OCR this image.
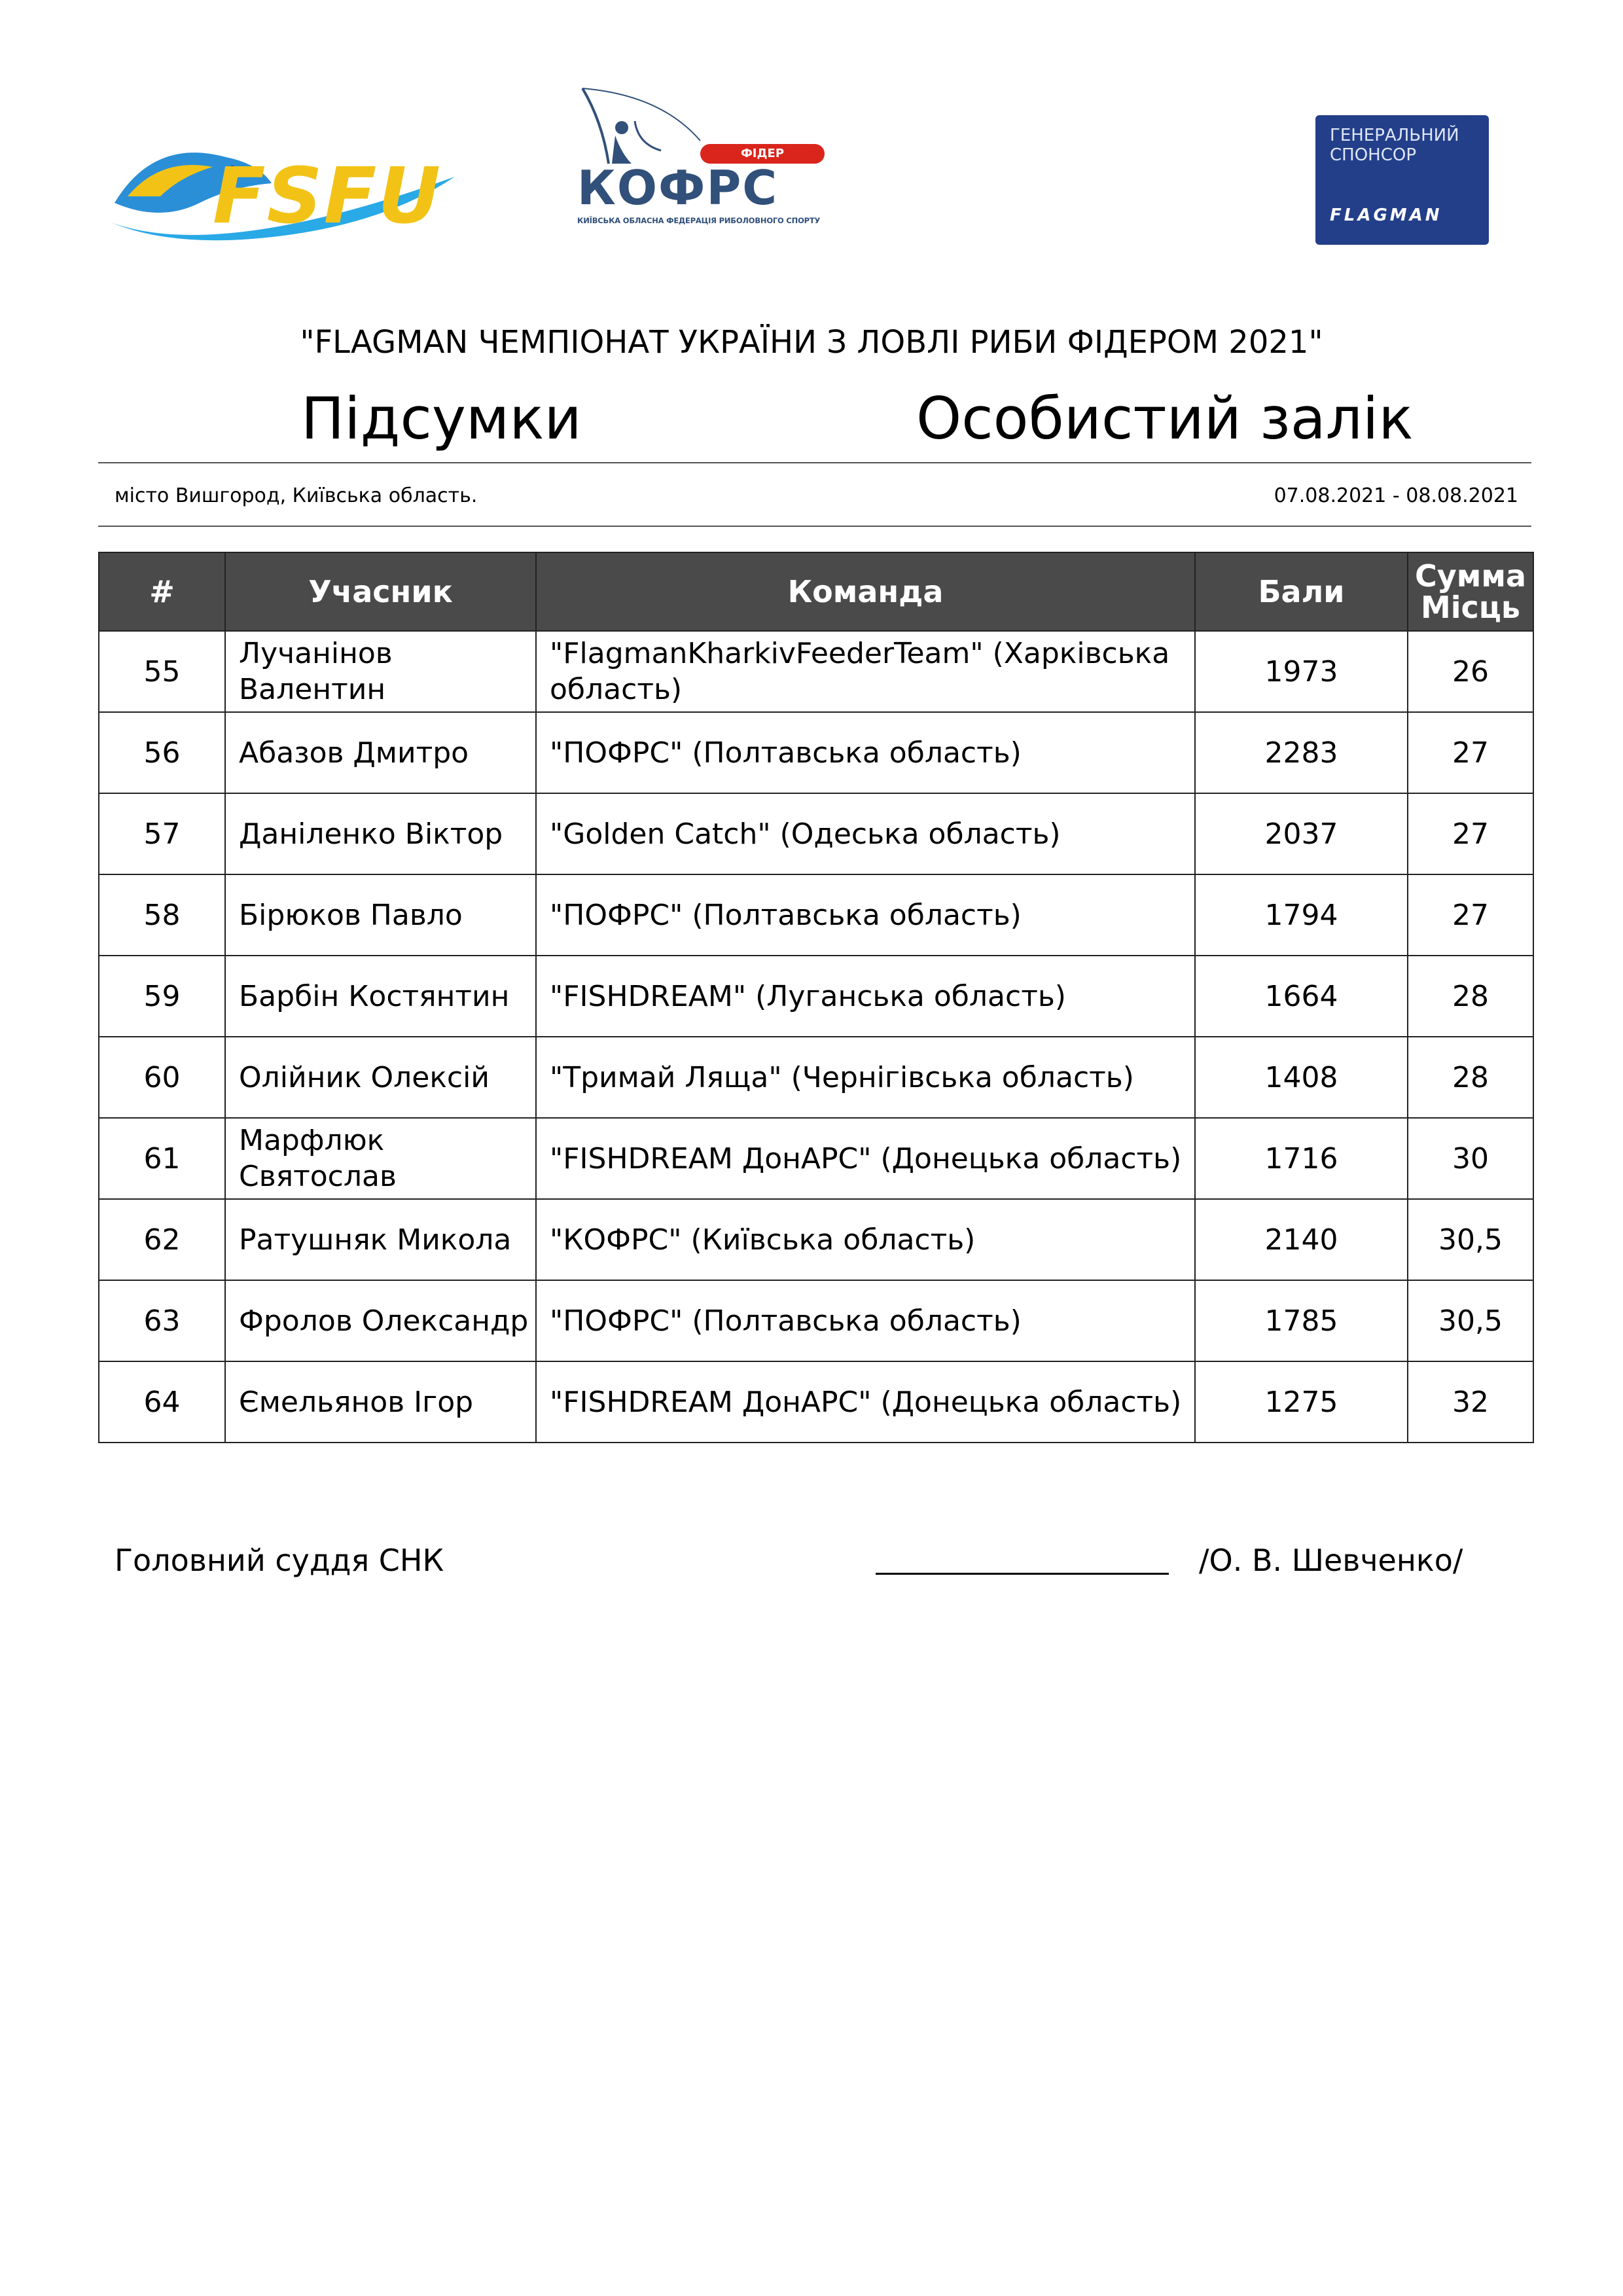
FSFU	ФІДЕР
КОФРС
КИЇВСЬКА ОБЛАСНА ФЕДЕРАЦІЯ РИБОЛОВНОГО СПОРТУ
ГЕНЕРАЛЬНИЙ
СПОНСОР
FLAGMAN
"FLAGMAN ЧЕМПІОНАТ УКРАЇНИ З ЛОВЛІ РИБИ ФІДЕРОМ 2021"
Підсумки	Особистий залік
місто Вишгород, Київська область.	07.08.2021 - 08.08.2021
#	Учасник	Команда	Бали	Сумма Місць
55	Лучанінов Валентин	"FlagmanKharkivFeederTeam" (Харківська область)	1973	26
56	Абазов Дмитро	"ПОФРС" (Полтавська область)	2283	27
57	Даніленко Віктор	"Golden Catch" (Одеська область)	2037	27
58	Бірюков Павло	"ПОФРС" (Полтавська область)	1794	27
59	Барбін Костянтин	"FISHDREAM" (Луганська область)	1664	28
60	Олійник Олексій	"Тримай Ляща" (Чернігівська область)	1408	28
61	Марфлюк Святослав	"FISHDREAM ДонАРС" (Донецька область)	1716	30
62	Ратушняк Микола	"КОФРС" (Київська область)	2140	30,5
63	Фролов Олександр	"ПОФРС" (Полтавська область)	1785	30,5
64	Ємельянов Ігор	"FISHDREAM ДонАРС" (Донецька область)	1275	32
Головний суддя СНК	/О. В. Шевченко/
